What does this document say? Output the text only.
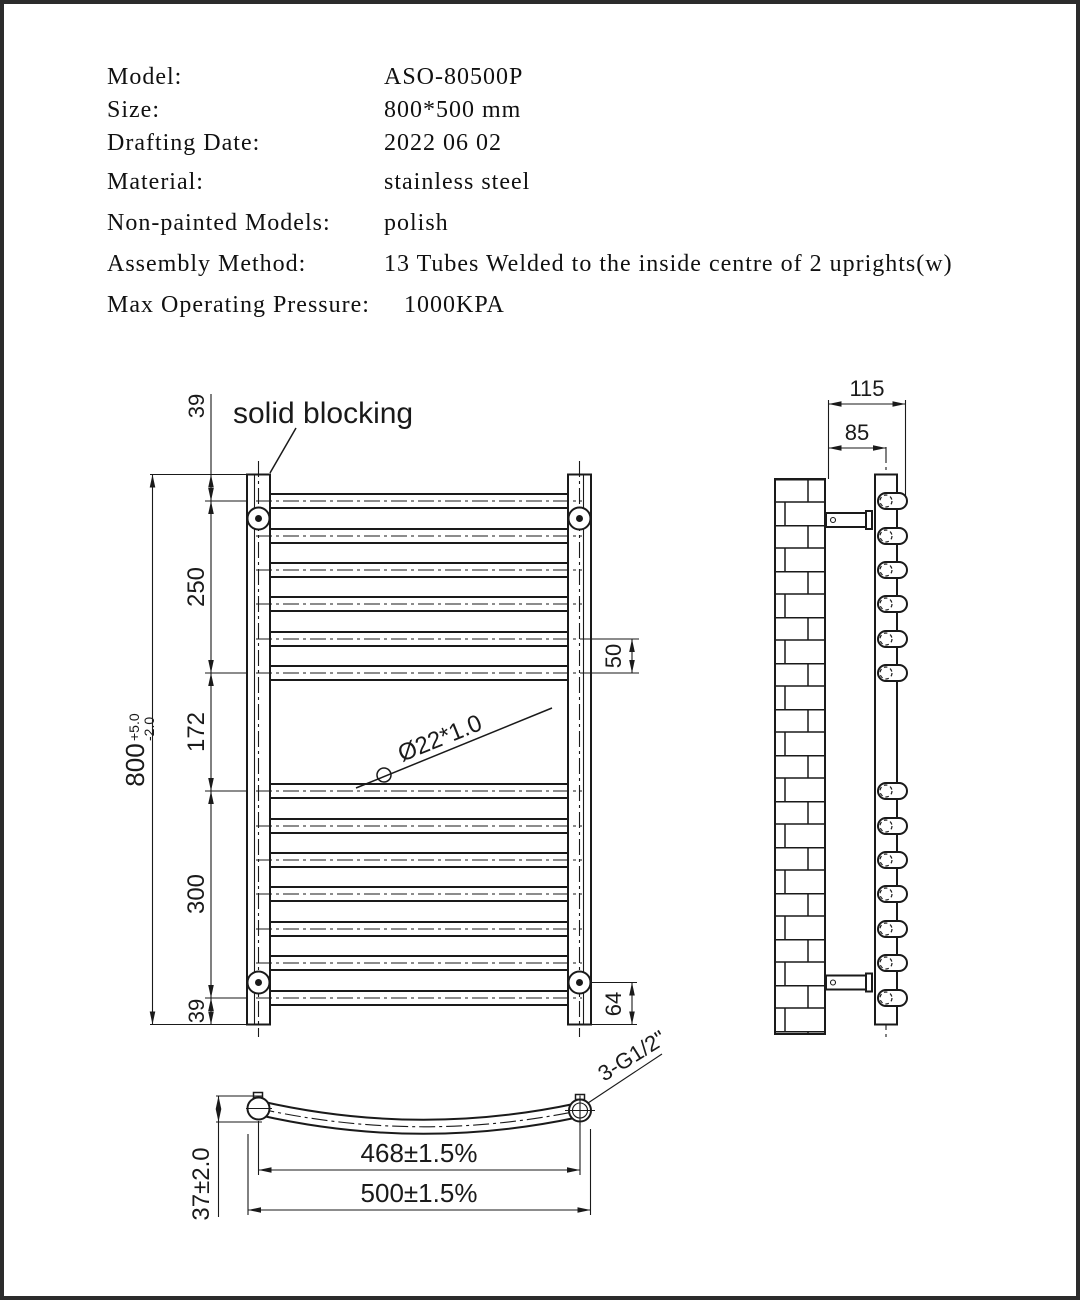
Model:	ASO-80500P
Size:	800*500 mm
Drafting Date:	2022 06 02
Material:	stainless steel
Non-painted Models: polish
Assembly Method:	13 Tubes Welded to the inside centre of 2 uprights(w)
Max Operating Pressure: 1000KPA
800
+5.0 -2.0
39
250
172
300
39
50
64
solid blocking
Ø22*1.0
115
85
3-G1/2"
37±2.0	468±1.5%
500±1.5%
